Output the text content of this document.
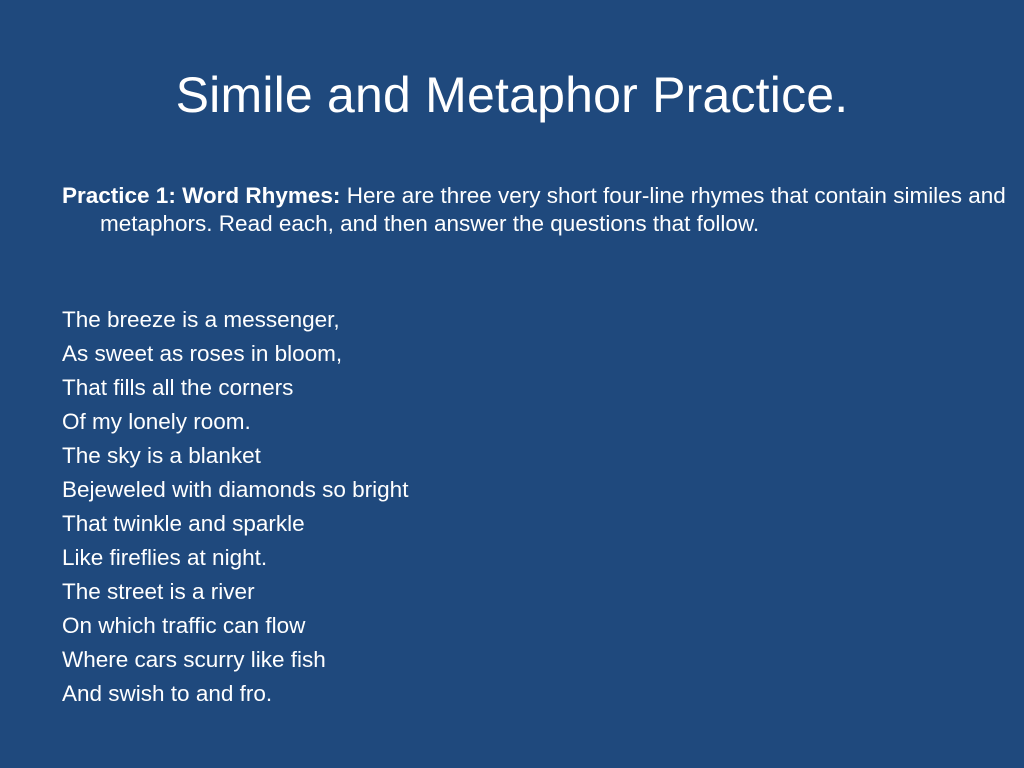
Simile and Metaphor Practice.

Practice 1: Word Rhymes: Here are three very short four-line rhymes that contain similes and metaphors. Read each, and then answer the questions that follow.

The breeze is a messenger,
As sweet as roses in bloom,
That fills all the corners
Of my lonely room.
The sky is a blanket
Bejeweled with diamonds so bright
That twinkle and sparkle
Like fireflies at night.
The street is a river
On which traffic can flow
Where cars scurry like fish
And swish to and fro.
